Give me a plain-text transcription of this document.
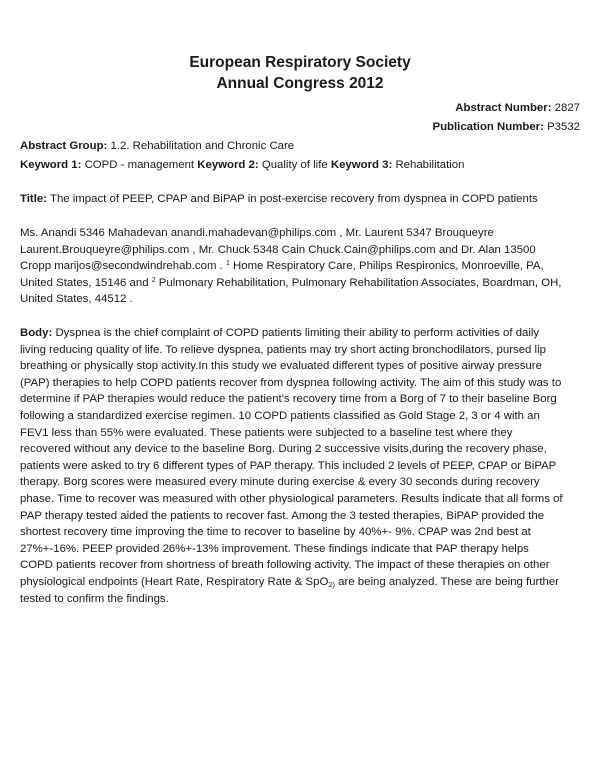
European Respiratory Society
Annual Congress 2012
Abstract Number: 2827
Publication Number: P3532
Abstract Group: 1.2. Rehabilitation and Chronic Care
Keyword 1: COPD - management Keyword 2: Quality of life Keyword 3: Rehabilitation
Title: The impact of PEEP, CPAP and BiPAP in post-exercise recovery from dyspnea in COPD patients
Ms. Anandi 5346 Mahadevan anandi.mahadevan@philips.com , Mr. Laurent 5347 Brouqueyre
Laurent.Brouqueyre@philips.com , Mr. Chuck 5348 Cain Chuck.Cain@philips.com and Dr. Alan 13500
Cropp marijos@secondwindrehab.com . $^1$ Home Respiratory Care, Philips Respironics, Monroeville, PA,
United States, 15146 and $^2$ Pulmonary Rehabilitation, Pulmonary Rehabilitation Associates, Boardman, OH,
United States, 44512 .
Body: Dyspnea is the chief complaint of COPD patients limiting their ability to perform activities of daily
living reducing quality of life. To relieve dyspnea, patients may try short acting bronchodilators, pursed lip
breathing or physically stop activity.In this study we evaluated different types of positive airway pressure
(PAP) therapies to help COPD patients recover from dyspnea following activity. The aim of this study was to
determine if PAP therapies would reduce the patient's recovery time from a Borg of 7 to their baseline Borg
following a standardized exercise regimen. 10 COPD patients classified as Gold Stage 2, 3 or 4 with an
FEV1 less than 55% were evaluated. These patients were subjected to a baseline test where they
recovered without any device to the baseline Borg. During 2 successive visits,during the recovery phase,
patients were asked to try 6 different types of PAP therapy. This included 2 levels of PEEP, CPAP or BiPAP
therapy. Borg scores were measured every minute during exercise & every 30 seconds during recovery
phase. Time to recover was measured with other physiological parameters. Results indicate that all forms of
PAP therapy tested aided the patients to recover fast. Among the 3 tested therapies, BiPAP provided the
shortest recovery time improving the time to recover to baseline by 40%+- 9%. CPAP was 2nd best at
27%+-16%. PEEP provided 26%+-13% improvement. These findings indicate that PAP therapy helps
COPD patients recover from shortness of breath following activity. The impact of these therapies on other
physiological endpoints (Heart Rate, Respiratory Rate & SpO$_{2)}$ are being analyzed. These are being further
tested to confirm the findings.
